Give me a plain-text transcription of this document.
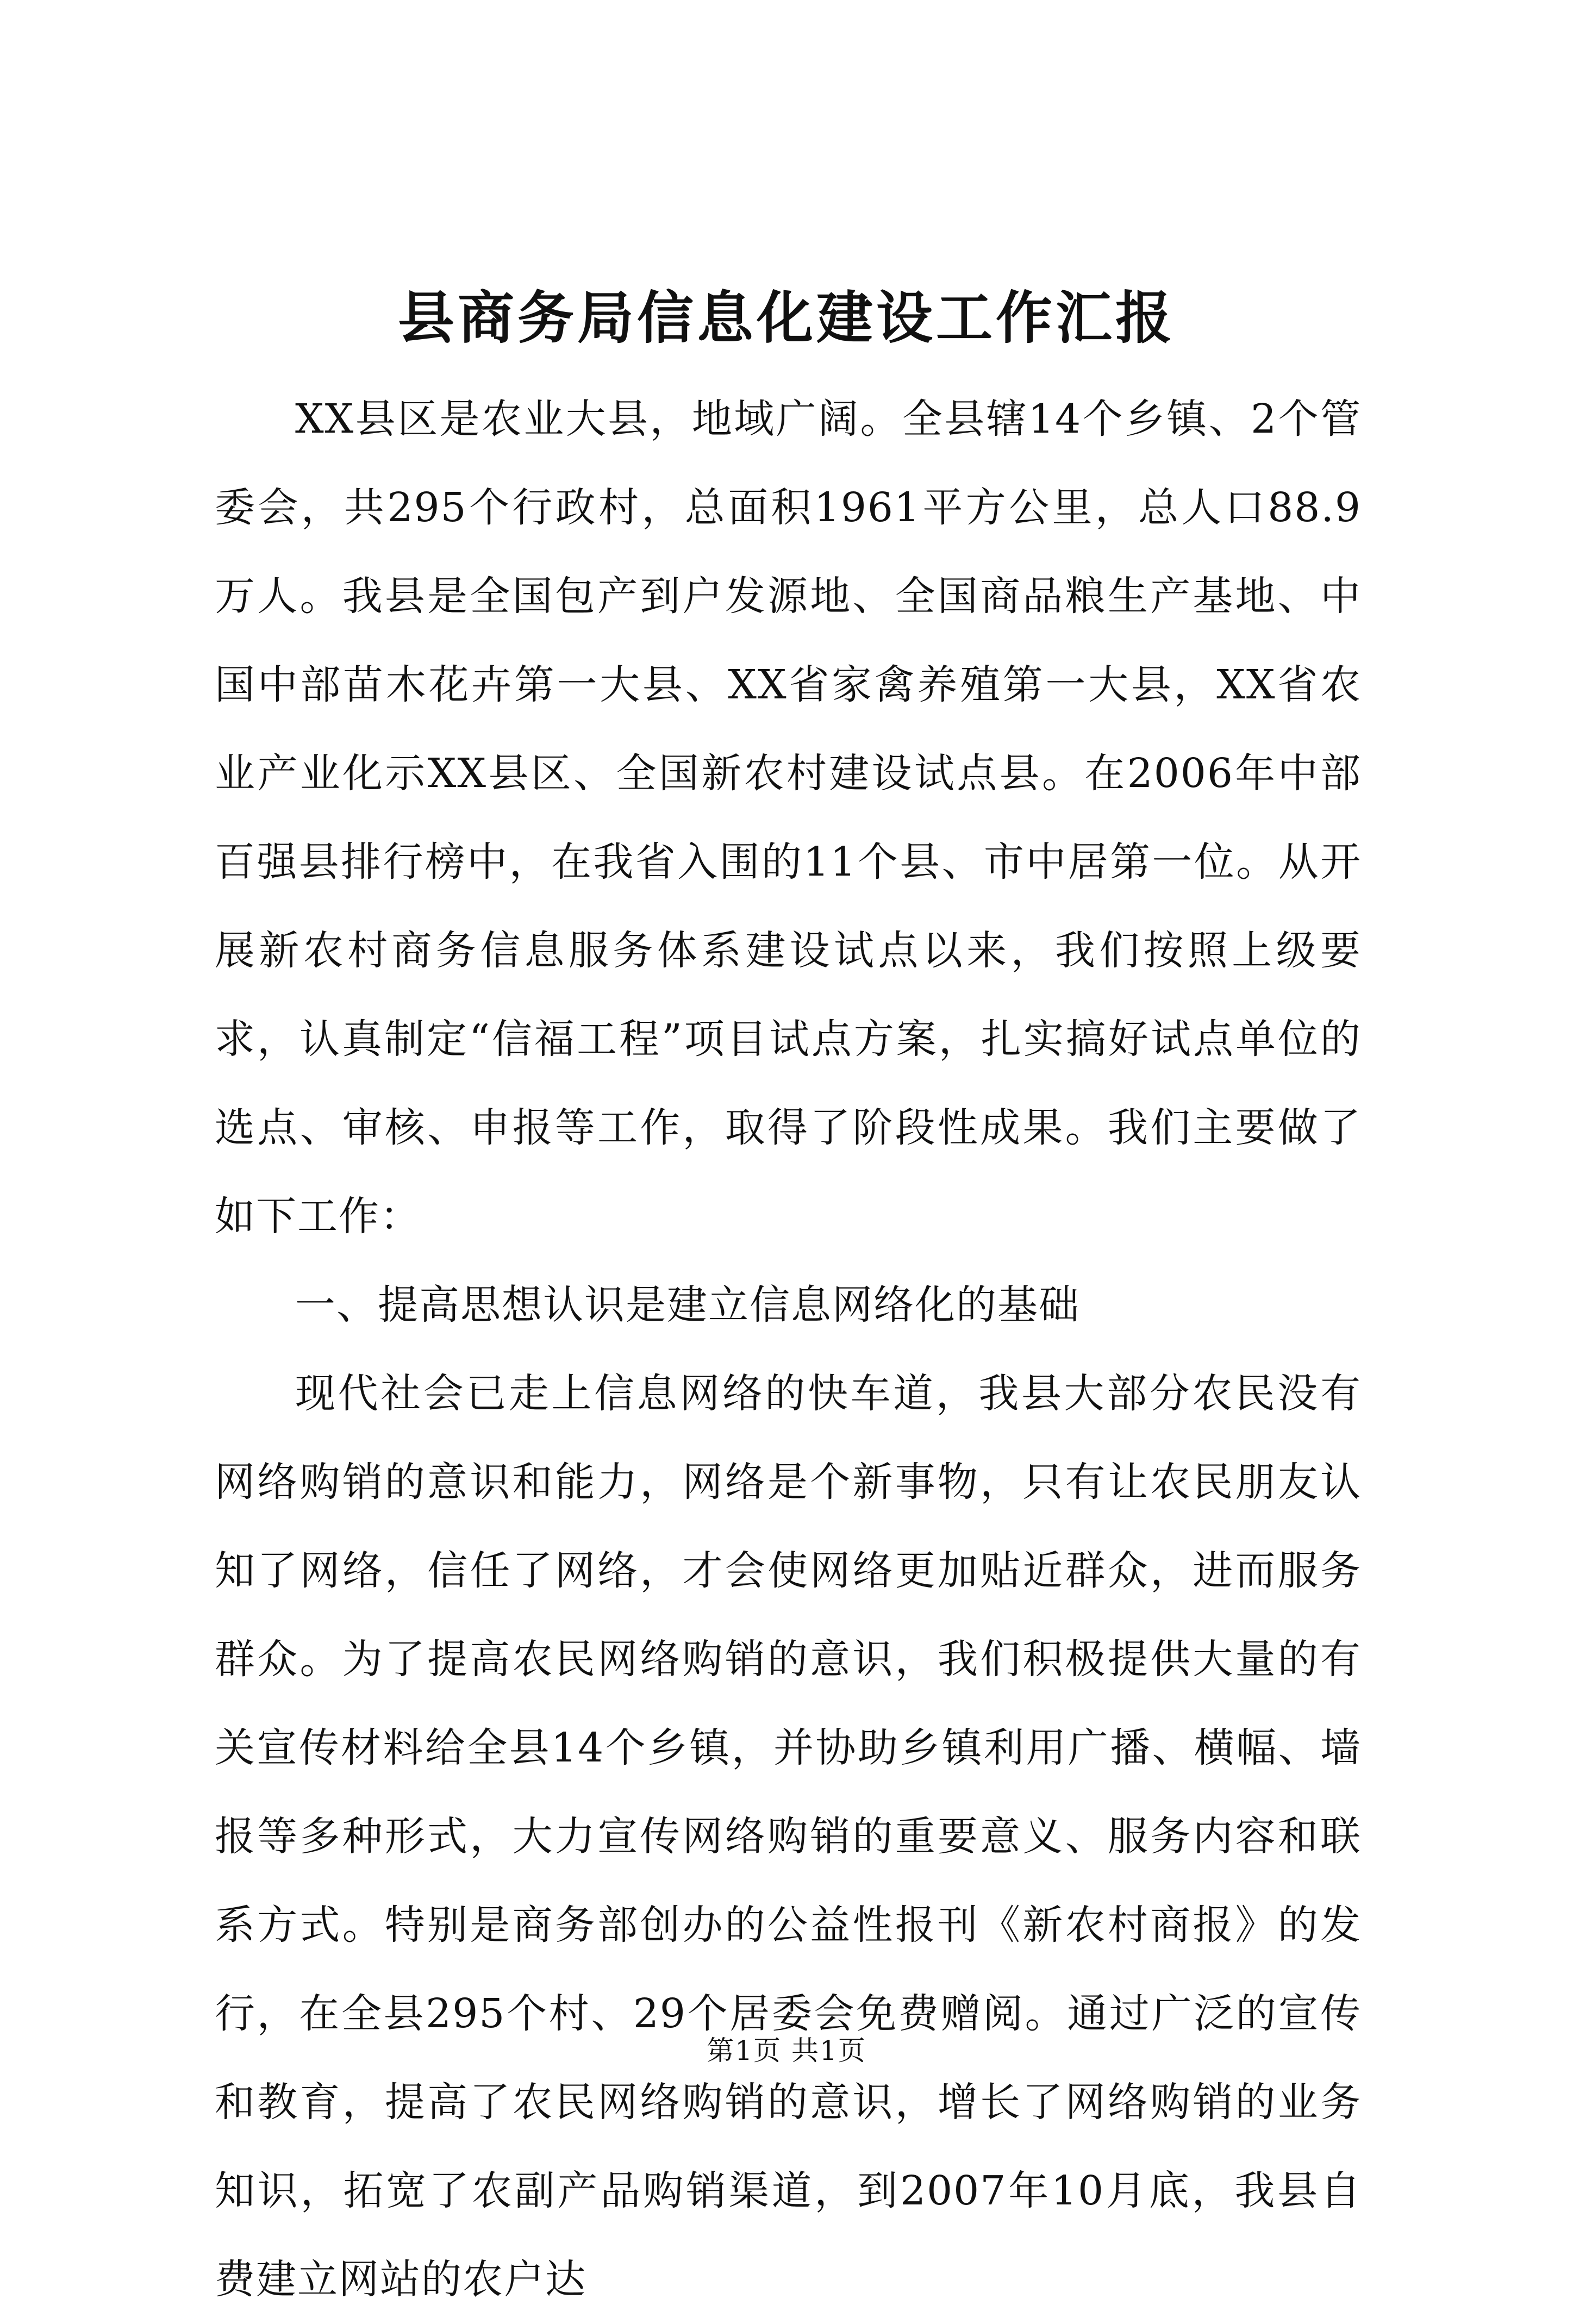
县商务局信息化建设工作汇报

XX县区是农业大县，地域广阔。全县辖14个乡镇、2个管委会，共295个行政村，总面积1961平方公里，总人口88.9万人。我县是全国包产到户发源地、全国商品粮生产基地、中国中部苗木花卉第一大县、XX省家禽养殖第一大县，XX省农业产业化示XX县区、全国新农村建设试点县。在2006年中部百强县排行榜中，在我省入围的11个县、市中居第一位。从开展新农村商务信息服务体系建设试点以来，我们按照上级要求，认真制定“信福工程”项目试点方案，扎实搞好试点单位的选点、审核、申报等工作，取得了阶段性成果。我们主要做了如下工作：

一、提高思想认识是建立信息网络化的基础

现代社会已走上信息网络的快车道，我县大部分农民没有网络购销的意识和能力，网络是个新事物，只有让农民朋友认知了网络，信任了网络，才会使网络更加贴近群众，进而服务群众。为了提高农民网络购销的意识，我们积极提供大量的有关宣传材料给全县14个乡镇，并协助乡镇利用广播、横幅、墙报等多种形式，大力宣传网络购销的重要意义、服务内容和联系方式。特别是商务部创办的公益性报刊《新农村商报》的发行，在全县295个村、29个居委会免费赠阅。通过广泛的宣传和教育，提高了农民网络购销的意识，增长了网络购销的业务知识，拓宽了农副产品购销渠道，到2007年10月底，我县自费建立网站的农户达

第1页 共1页
